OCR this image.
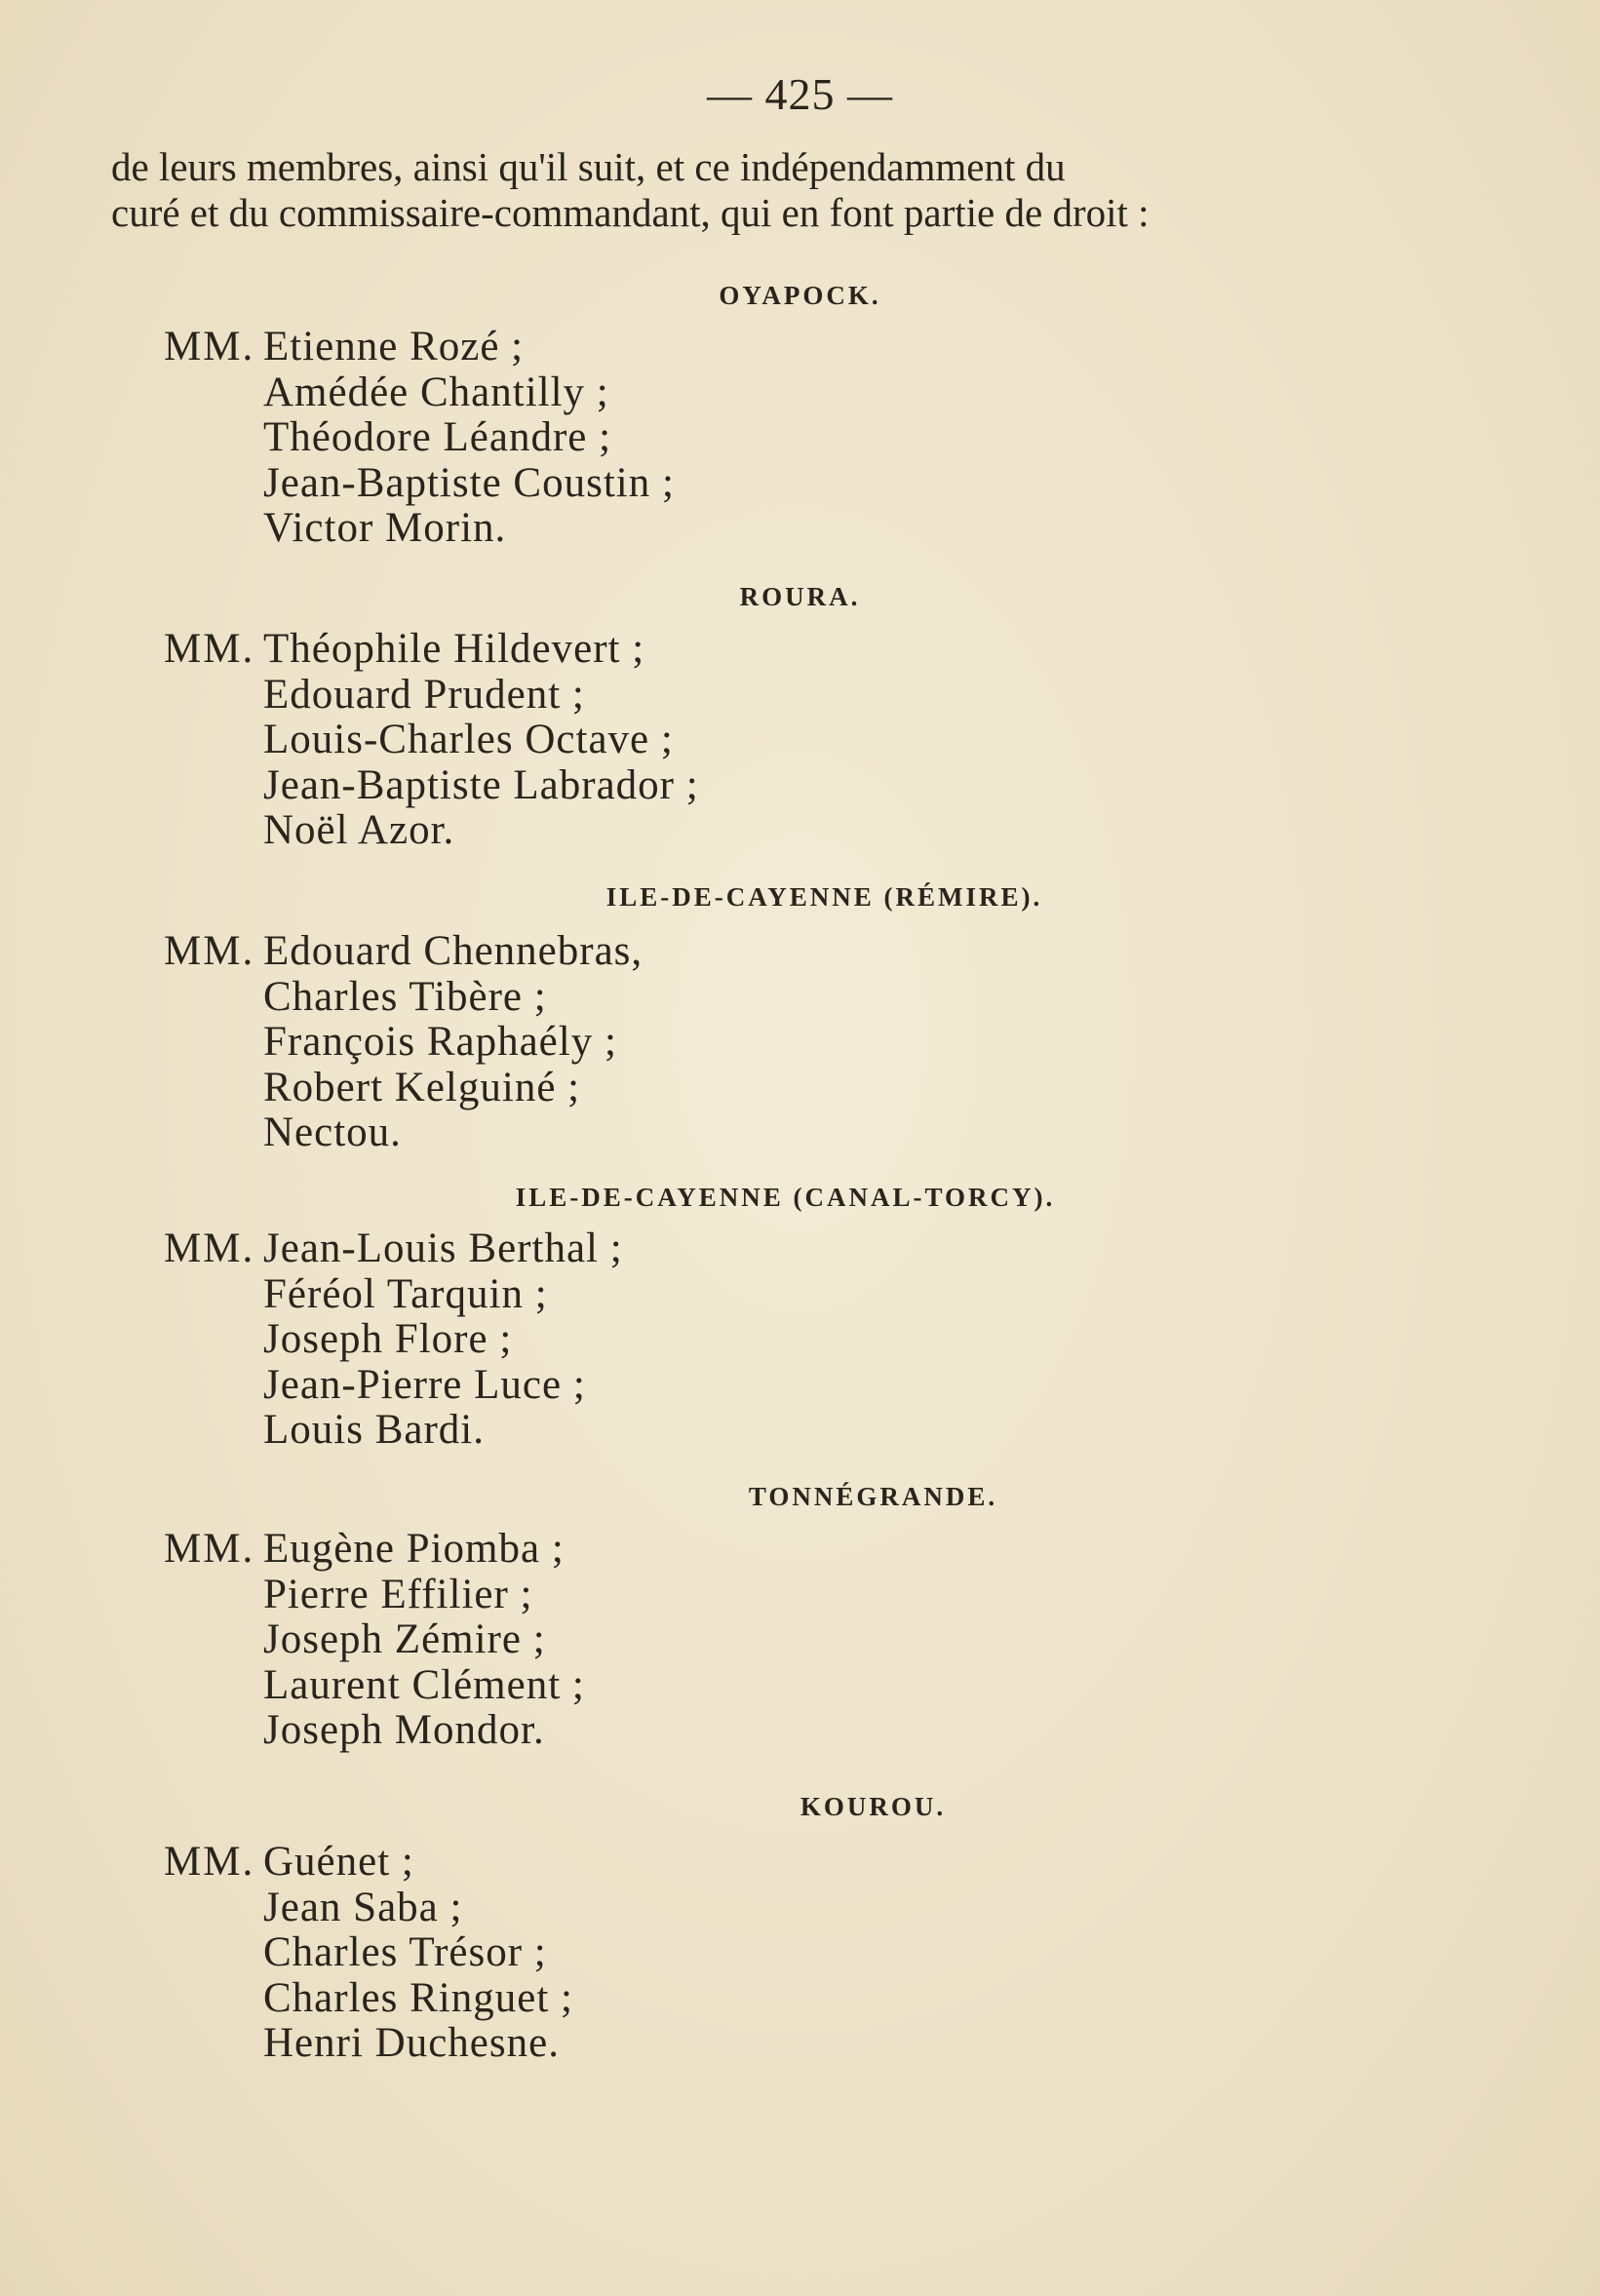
— 425 —
de leurs membres, ainsi qu'il suit, et ce indépendamment du
curé et du commissaire-commandant, qui en font partie de droit :
OYAPOCK.
MM. Etienne Rozé ;
Amédée Chantilly ;
Théodore Léandre ;
Jean-Baptiste Coustin ;
Victor Morin.
ROURA.
MM. Théophile Hildevert ;
Edouard Prudent ;
Louis-Charles Octave ;
Jean-Baptiste Labrador ;
Noël Azor.
ILE-DE-CAYENNE (RÉMIRE).
MM. Edouard Chennebras,
Charles Tibère ;
François Raphaély ;
Robert Kelguiné ;
Nectou.
ILE-DE-CAYENNE (CANAL-TORCY).
MM. Jean-Louis Berthal ;
Féréol Tarquin ;
Joseph Flore ;
Jean-Pierre Luce ;
Louis Bardi.
TONNÉGRANDE.
MM. Eugène Piomba ;
Pierre Effilier ;
Joseph Zémire ;
Laurent Clément ;
Joseph Mondor.
KOUROU.
MM. Guénet ;
Jean Saba ;
Charles Trésor ;
Charles Ringuet ;
Henri Duchesne.
